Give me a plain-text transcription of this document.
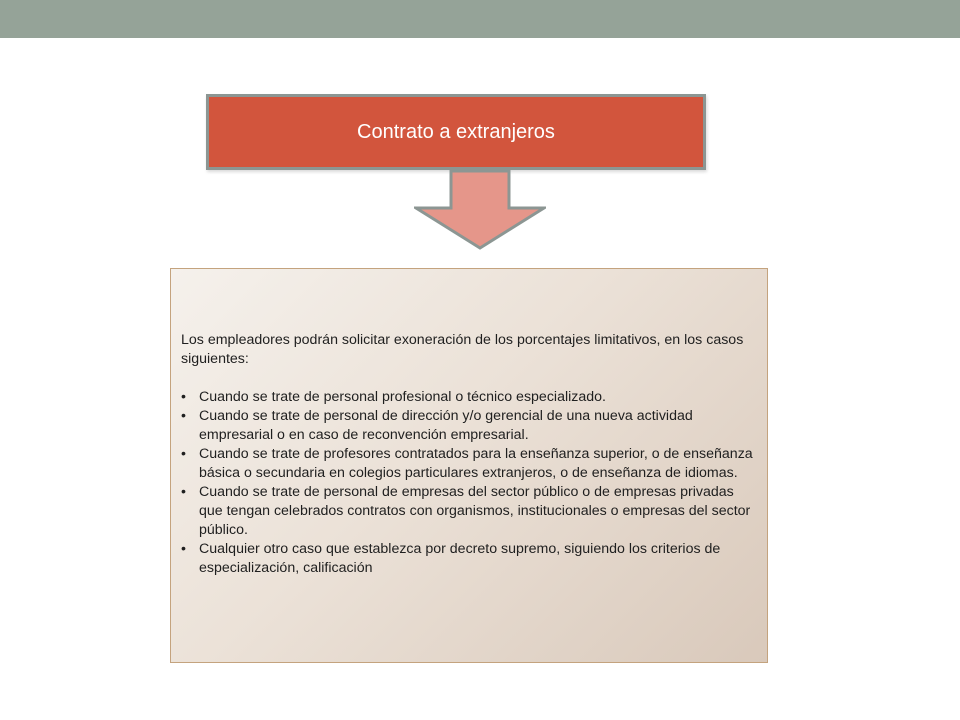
Contrato a extranjeros

Los empleadores podrán solicitar exoneración de los porcentajes limitativos, en los casos siguientes:

• Cuando se trate de personal profesional o técnico especializado.
• Cuando se trate de personal de dirección y/o gerencial de una nueva actividad empresarial o en caso de reconvención empresarial.
• Cuando se trate de profesores contratados para la enseñanza superior, o de enseñanza básica o secundaria en colegios particulares extranjeros, o de enseñanza de idiomas.
• Cuando se trate de personal de empresas del sector público o de empresas privadas que tengan celebrados contratos con organismos, institucionales o empresas del sector público.
• Cualquier otro caso que establezca por decreto supremo, siguiendo los criterios de especialización, calificación
